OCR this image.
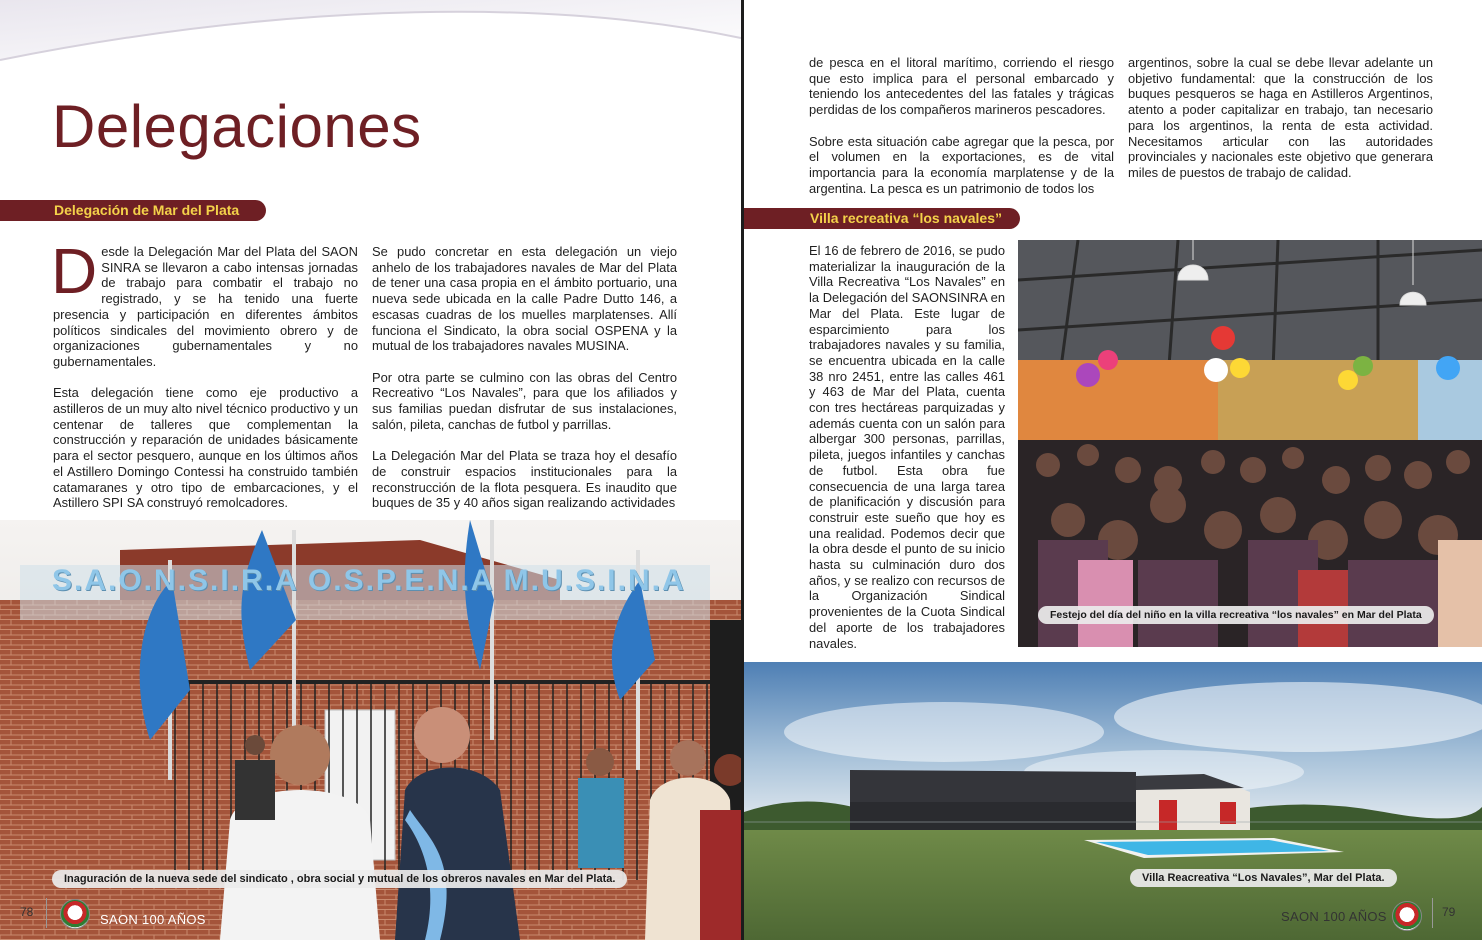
Delegaciones
Delegación de Mar del Plata

Desde la Delegación Mar del Plata del SAON SINRA se llevaron a cabo intensas jornadas de trabajo para combatir el trabajo no registrado, y se ha tenido una fuerte presencia y participación en diferentes ámbitos políticos sindicales del movimiento obrero y de organizaciones gubernamentales y no gubernamentales.

Esta delegación tiene como eje productivo a astilleros de un muy alto nivel técnico productivo y un centenar de talleres que complementan la construcción y reparación de unidades básicamente para el sector pesquero, aunque en los últimos años el Astillero Domingo Contessi ha construido también catamaranes y otro tipo de embarcaciones, y el Astillero SPI SA construyó remolcadores.

Se pudo concretar en esta delegación un viejo anhelo de los trabajadores navales de Mar del Plata de tener una casa propia en el ámbito portuario, una nueva sede ubicada en la calle Padre Dutto 146, a escasas cuadras de los muelles marplatenses. Allí funciona el Sindicato, la obra social OSPENA y la mutual de los trabajadores navales MUSINA.

Por otra parte se culmino con las obras del Centro Recreativo “Los Navales”, para que los afiliados y sus familias puedan disfrutar de sus instalaciones, salón, pileta, canchas de futbol y parrillas.

La Delegación Mar del Plata se traza hoy el desafío de construir espacios institucionales para la reconstrucción de la flota pesquera. Es inaudito que buques de 35 y 40 años sigan realizando actividades

S.A.O.N.S.I.R.A O.S.P.E.N.A M.U.S.I.N.A
Inaguración de la nueva sede del sindicato , obra social y mutual de los obreros navales en Mar del Plata.
78	SAON 100 AÑOS

de pesca en el litoral marítimo, corriendo el riesgo que esto implica para el personal embarcado y teniendo los antecedentes del las fatales y trágicas perdidas de los compañeros marineros pescadores.

Sobre esta situación cabe agregar que la pesca, por el volumen en la exportaciones, es de vital importancia para la economía marplatense y de la argentina. La pesca es un patrimonio de todos los

argentinos, sobre la cual se debe llevar adelante un objetivo fundamental: que la construcción de los buques pesqueros se haga en Astilleros Argentinos, atento a poder capitalizar en trabajo, tan necesario para los argentinos, la renta de esta actividad. Necesitamos articular con las autoridades provinciales y nacionales este objetivo que generara miles de puestos de trabajo de calidad.

Villa recreativa “los navales”

El 16 de febrero de 2016, se pudo materializar la inauguración de la Villa Recreativa “Los Navales” en la Delegación del SAONSINRA en Mar del Plata. Este lugar de esparcimiento para los trabajadores navales y su familia, se encuentra ubicada en la calle 38 nro 2451, entre las calles 461 y 463 de Mar del Plata, cuenta con tres hectáreas parquizadas y además cuenta con un salón para albergar 300 personas, parrillas, pileta, juegos infantiles y canchas de futbol. Esta obra fue consecuencia de una larga tarea de planificación y discusión para construir este sueño que hoy es una realidad. Podemos decir que la obra desde el punto de su inicio hasta su culminación duro dos años, y se realizo con recursos de la Organización Sindical provenientes de la Cuota Sindical del aporte de los trabajadores navales.

Festejo del día del niño en la villa recreativa “los navales” en Mar del Plata
Villa Reacreativa “Los Navales”, Mar del Plata.
SAON 100 AÑOS	79
